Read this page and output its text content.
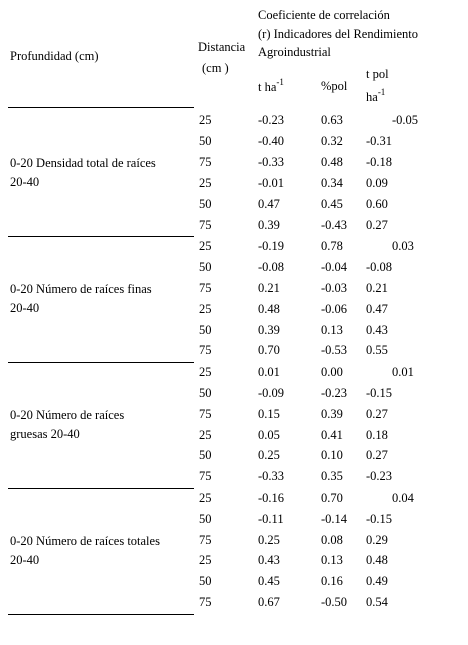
Profundidad (cm)
Distancia
(cm )
Coeficiente de correlación
(r) Indicadores del Rendimiento
Agroindustrial
t $ha^{-1}$	%pol
t pol
$ha^{-1}$
0-20 Densidad total de raíces
20-40
25	-0.23	0.63	-0.05
50	-0.40	0.32 -0.31
75	-0.33	0.48 -0.18
25	-0.01	0.34 0.09
50	0.47	0.45 0.60
75	0.39	-0.43 0.27
0-20 Número de raíces finas
20-40
25	-0.19	0.78	0.03
50	-0.08	-0.04 -0.08
75	0.21	-0.03 0.21
25	0.48	-0.06 0.47
50	0.39	0.13 0.43
75	0.70	-0.53 0.55
0-20 Número de raíces
gruesas 20-40
25	0.01	0.00	0.01
50	-0.09	-0.23 -0.15
75	0.15	0.39 0.27
25	0.05	0.41 0.18
50	0.25	0.10 0.27
75	-0.33	0.35 -0.23
0-20 Número de raíces totales
20-40
25	-0.16	0.70	0.04
50	-0.11	-0.14 -0.15
75	0.25	0.08 0.29
25	0.43	0.13 0.48
50	0.45	0.16 0.49
75	0.67	-0.50 0.54
